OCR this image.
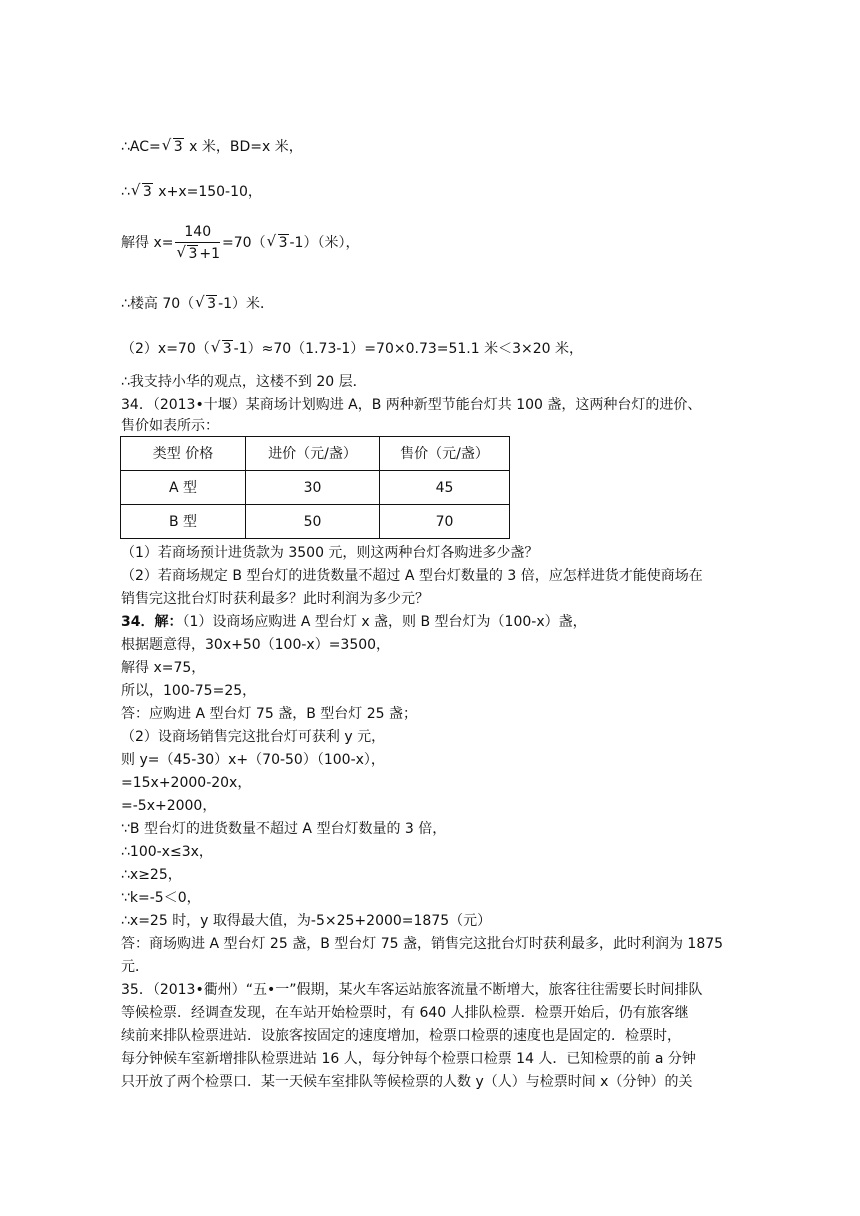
∴AC= √ 3 x 米，BD=x 米，
∴ √ 3 x+x=150-10，
解得 $x= \frac{140}{√ 3 +1} =70$（ √ 3 -1）（米），
∴楼高 70（ √ 3 -1）米．
（2）x=70（ √ 3 -1）≈70（1.73-1）=70×0.73=51.1 米＜3×20 米，
∴我支持小华的观点，这楼不到 20 层．
34．（2013•十堰）某商场计划购进 A，B 两种新型节能台灯共 100 盏，这两种台灯的进价、
售价如表所示：
类型 价格	进价（元/盏）	售价（元/盏）
A 型	30	45
B 型	50	70
（1）若商场预计进货款为 3500 元，则这两种台灯各购进多少盏？
（2）若商场规定 B 型台灯的进货数量不超过 A 型台灯数量的 3 倍，应怎样进货才能使商场在
销售完这批台灯时获利最多？此时利润为多少元？
34．解：（1）设商场应购进 A 型台灯 x 盏，则 B 型台灯为（100-x）盏，
根据题意得，30x+50（100-x）=3500，
解得 x=75，
所以，100-75=25，
答：应购进 A 型台灯 75 盏，B 型台灯 25 盏；
（2）设商场销售完这批台灯可获利 y 元，
则 y=（45-30）x+（70-50）（100-x），
=15x+2000-20x，
=-5x+2000，
∵B 型台灯的进货数量不超过 A 型台灯数量的 3 倍，
∴100-x≤3x，
∴x≥25，
∵k=-5＜0，
∴x=25 时，y 取得最大值，为-5×25+2000=1875（元）
答：商场购进 A 型台灯 25 盏，B 型台灯 75 盏，销售完这批台灯时获利最多，此时利润为 1875
元．
35．（2013•衢州）“五•一”假期，某火车客运站旅客流量不断增大，旅客往往需要长时间排队
等候检票．经调查发现，在车站开始检票时，有 640 人排队检票．检票开始后，仍有旅客继
续前来排队检票进站．设旅客按固定的速度增加，检票口检票的速度也是固定的．检票时，
每分钟候车室新增排队检票进站 16 人，每分钟每个检票口检票 14 人．已知检票的前 a 分钟
只开放了两个检票口．某一天候车室排队等候检票的人数 y（人）与检票时间 x（分钟）的关
